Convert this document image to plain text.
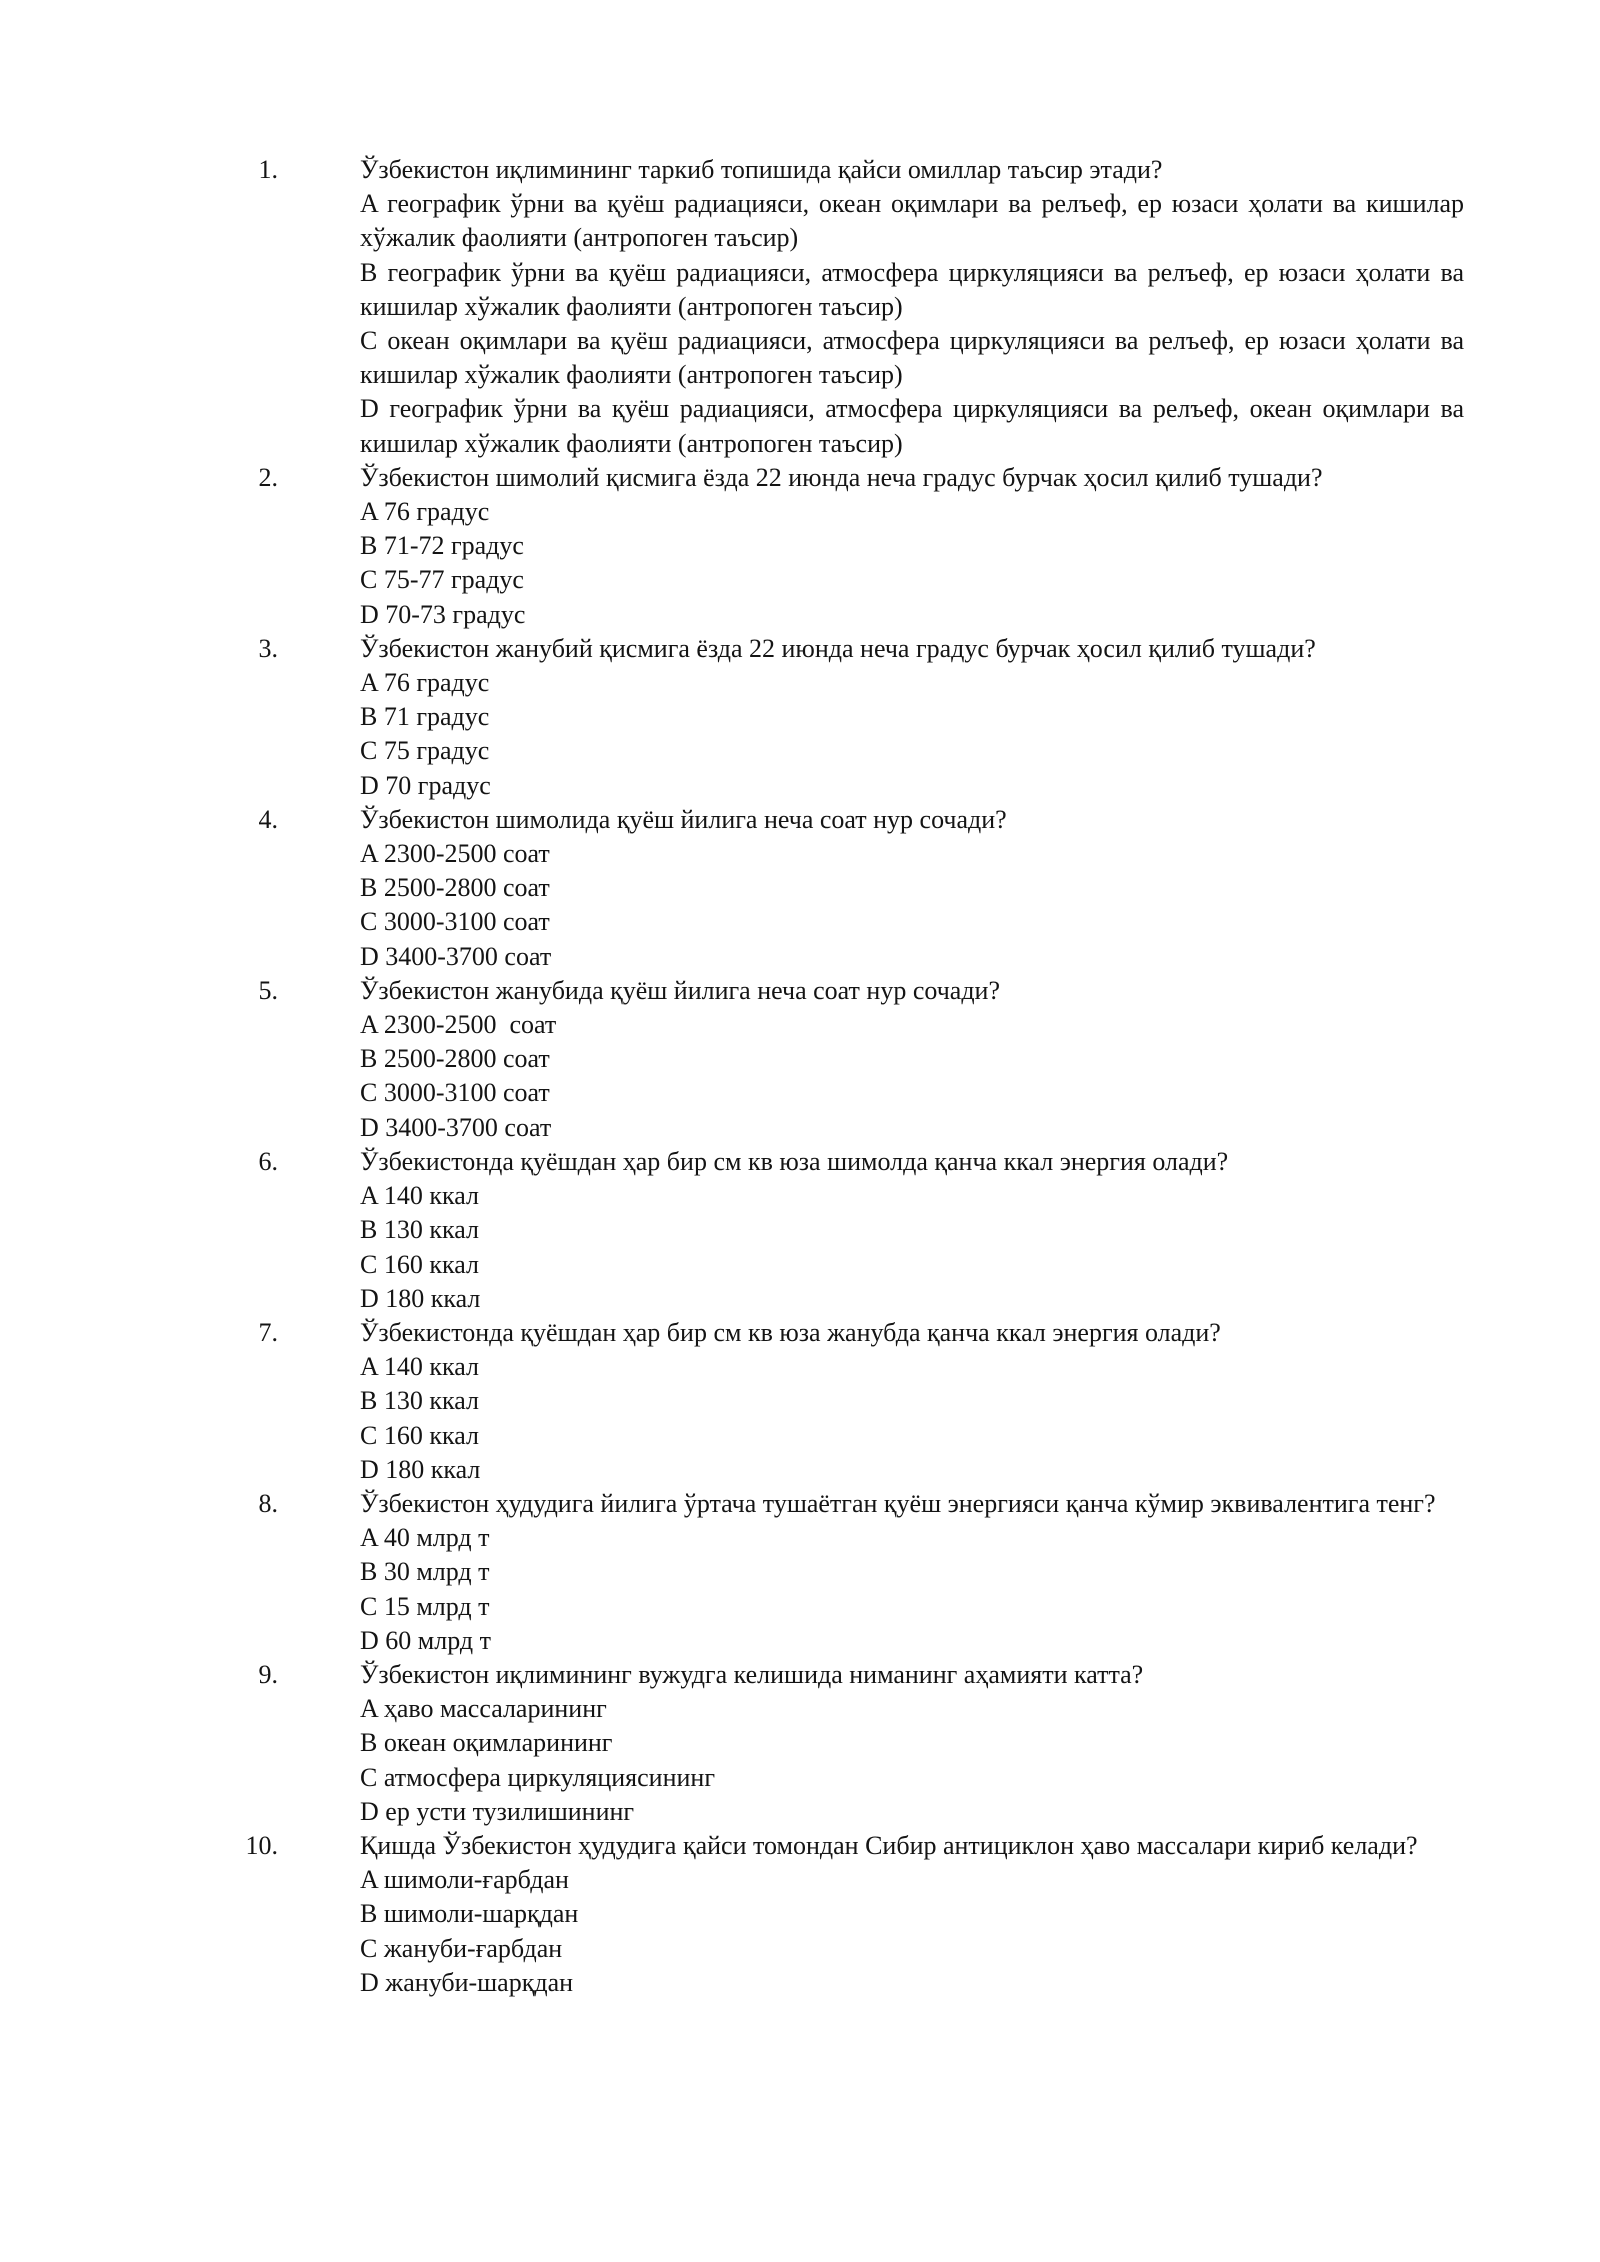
1.	Ўзбекистон иқлимининг таркиб топишида қайси омиллар таъсир этади?
A географик ўрни ва қуёш радиацияси, океан оқимлари ва релъеф, ер юзаси ҳолати ва кишилар хўжалик фаолияти (антропоген таъсир)
B географик ўрни ва қуёш радиацияси, атмосфера циркуляцияси ва релъеф, ер юзаси ҳолати ва кишилар хўжалик фаолияти (антропоген таъсир)
C океан оқимлари ва қуёш радиацияси, атмосфера циркуляцияси ва релъеф, ер юзаси ҳолати ва кишилар хўжалик фаолияти (антропоген таъсир)
D географик ўрни ва қуёш радиацияси, атмосфера циркуляцияси ва релъеф, океан оқимлари ва кишилар хўжалик фаолияти (антропоген таъсир)
2.	Ўзбекистон шимолий қисмига ёзда 22 июнда неча градус бурчак ҳосил қилиб тушади?
A 76 градус
B 71-72 градус
C 75-77 градус
D 70-73 градус
3.	Ўзбекистон жанубий қисмига ёзда 22 июнда неча градус бурчак ҳосил қилиб тушади?
A 76 градус
B 71 градус
C 75 градус
D 70 градус
4.	Ўзбекистон шимолида қуёш йилига неча соат нур сочади?
A 2300-2500 соат
B 2500-2800 соат
C 3000-3100 соат
D 3400-3700 соат
5.	Ўзбекистон жанубида қуёш йилига неча соат нур сочади?
A 2300-2500  соат
B 2500-2800 соат
C 3000-3100 соат
D 3400-3700 соат
6.	Ўзбекистонда қуёшдан ҳар бир см кв юза шимолда қанча ккал энергия олади?
A 140 ккал
B 130 ккал
C 160 ккал
D 180 ккал
7.	Ўзбекистонда қуёшдан ҳар бир см кв юза жанубда қанча ккал энергия олади?
A 140 ккал
B 130 ккал
C 160 ккал
D 180 ккал
8.	Ўзбекистон ҳудудига йилига ўртача тушаётган қуёш энергияси қанча кўмир эквивалентига тенг?
A 40 млрд т
B 30 млрд т
C 15 млрд т
D 60 млрд т
9.	Ўзбекистон иқлимининг вужудга келишида ниманинг аҳамияти катта?
A ҳаво массаларининг
B океан оқимларининг
C атмосфера циркуляциясининг
D ер усти тузилишининг
10.	Қишда Ўзбекистон ҳудудига қайси томондан Сибир антициклон ҳаво массалари кириб келади?
A шимоли-ғарбдан
B шимоли-шарқдан
C жануби-ғарбдан
D жануби-шарқдан
